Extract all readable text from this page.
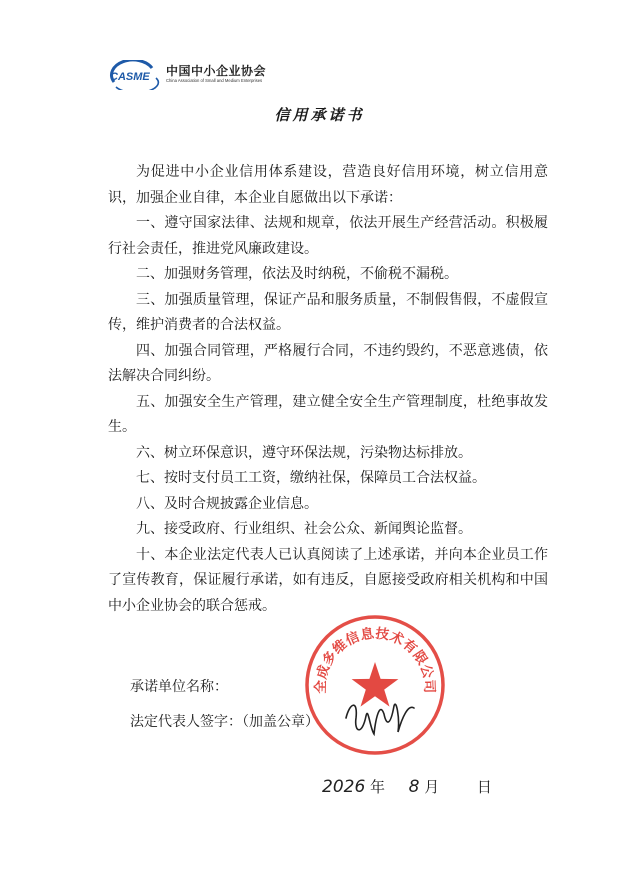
CASME 中国中小企业协会
China Association of Small and Medium Enterprises
信用承诺书

为促进中小企业信用体系建设，营造良好信用环境，树立信用意识，加强企业自律，本企业自愿做出以下承诺：

一、遵守国家法律、法规和规章，依法开展生产经营活动。积极履行社会责任，推进党风廉政建设。

二、加强财务管理，依法及时纳税，不偷税不漏税。

三、加强质量管理，保证产品和服务质量，不制假售假，不虚假宣传，维护消费者的合法权益。

四、加强合同管理，严格履行合同，不违约毁约，不恶意逃债，依法解决合同纠纷。

五、加强安全生产管理，建立健全安全生产管理制度，杜绝事故发生。

六、树立环保意识，遵守环保法规，污染物达标排放。

七、按时支付员工工资，缴纳社保，保障员工合法权益。

八、及时合规披露企业信息。

九、接受政府、行业组织、社会公众、新闻舆论监督。

十、本企业法定代表人已认真阅读了上述承诺，并向本企业员工作了宣传教育，保证履行承诺，如有违反，自愿接受政府相关机构和中国中小企业协会的联合惩戒。

全成多维信息技术有限公司
承诺单位名称：
法定代表人签字：（加盖公章）
2026 年 8 月	日
